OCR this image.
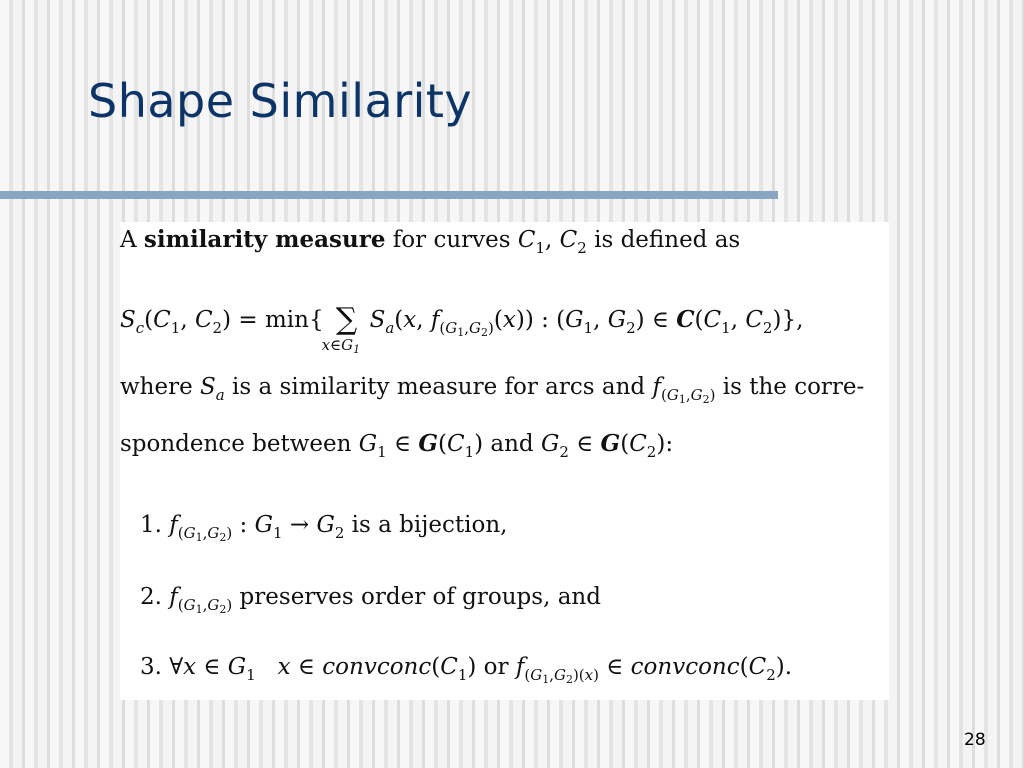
Shape Similarity
A similarity measure for curves $C_1$, $C_2$ is defined as
$S_c(C_1$, $C_2) = \min${ ∑
$x\in G_1$
$S_a(x$, $f_{(G_1,G_2)}(x)$) : ($G_1$, $G_2$) ∈ $C(C_1$, $C_2$)},
where $S_a$ is a similarity measure for arcs and $f_{(G_1,G_2)}$ is the corre-
spondence between $G_1$ ∈ $G(C_1)$ and $G_2$ ∈ $G(C_2)$:
1. $f_{(G_1,G_2)}$ : $G_1 \to G_2$ is a bijection,
2. $f_{(G_1,G_2)}$ preserves order of groups, and
3. ∀x ∈ $G_1$ x ∈ $convconc(C_1)$ or $f_{(G_1,G_2)(x)}$ ∈ $convconc(C_2)$.
28
